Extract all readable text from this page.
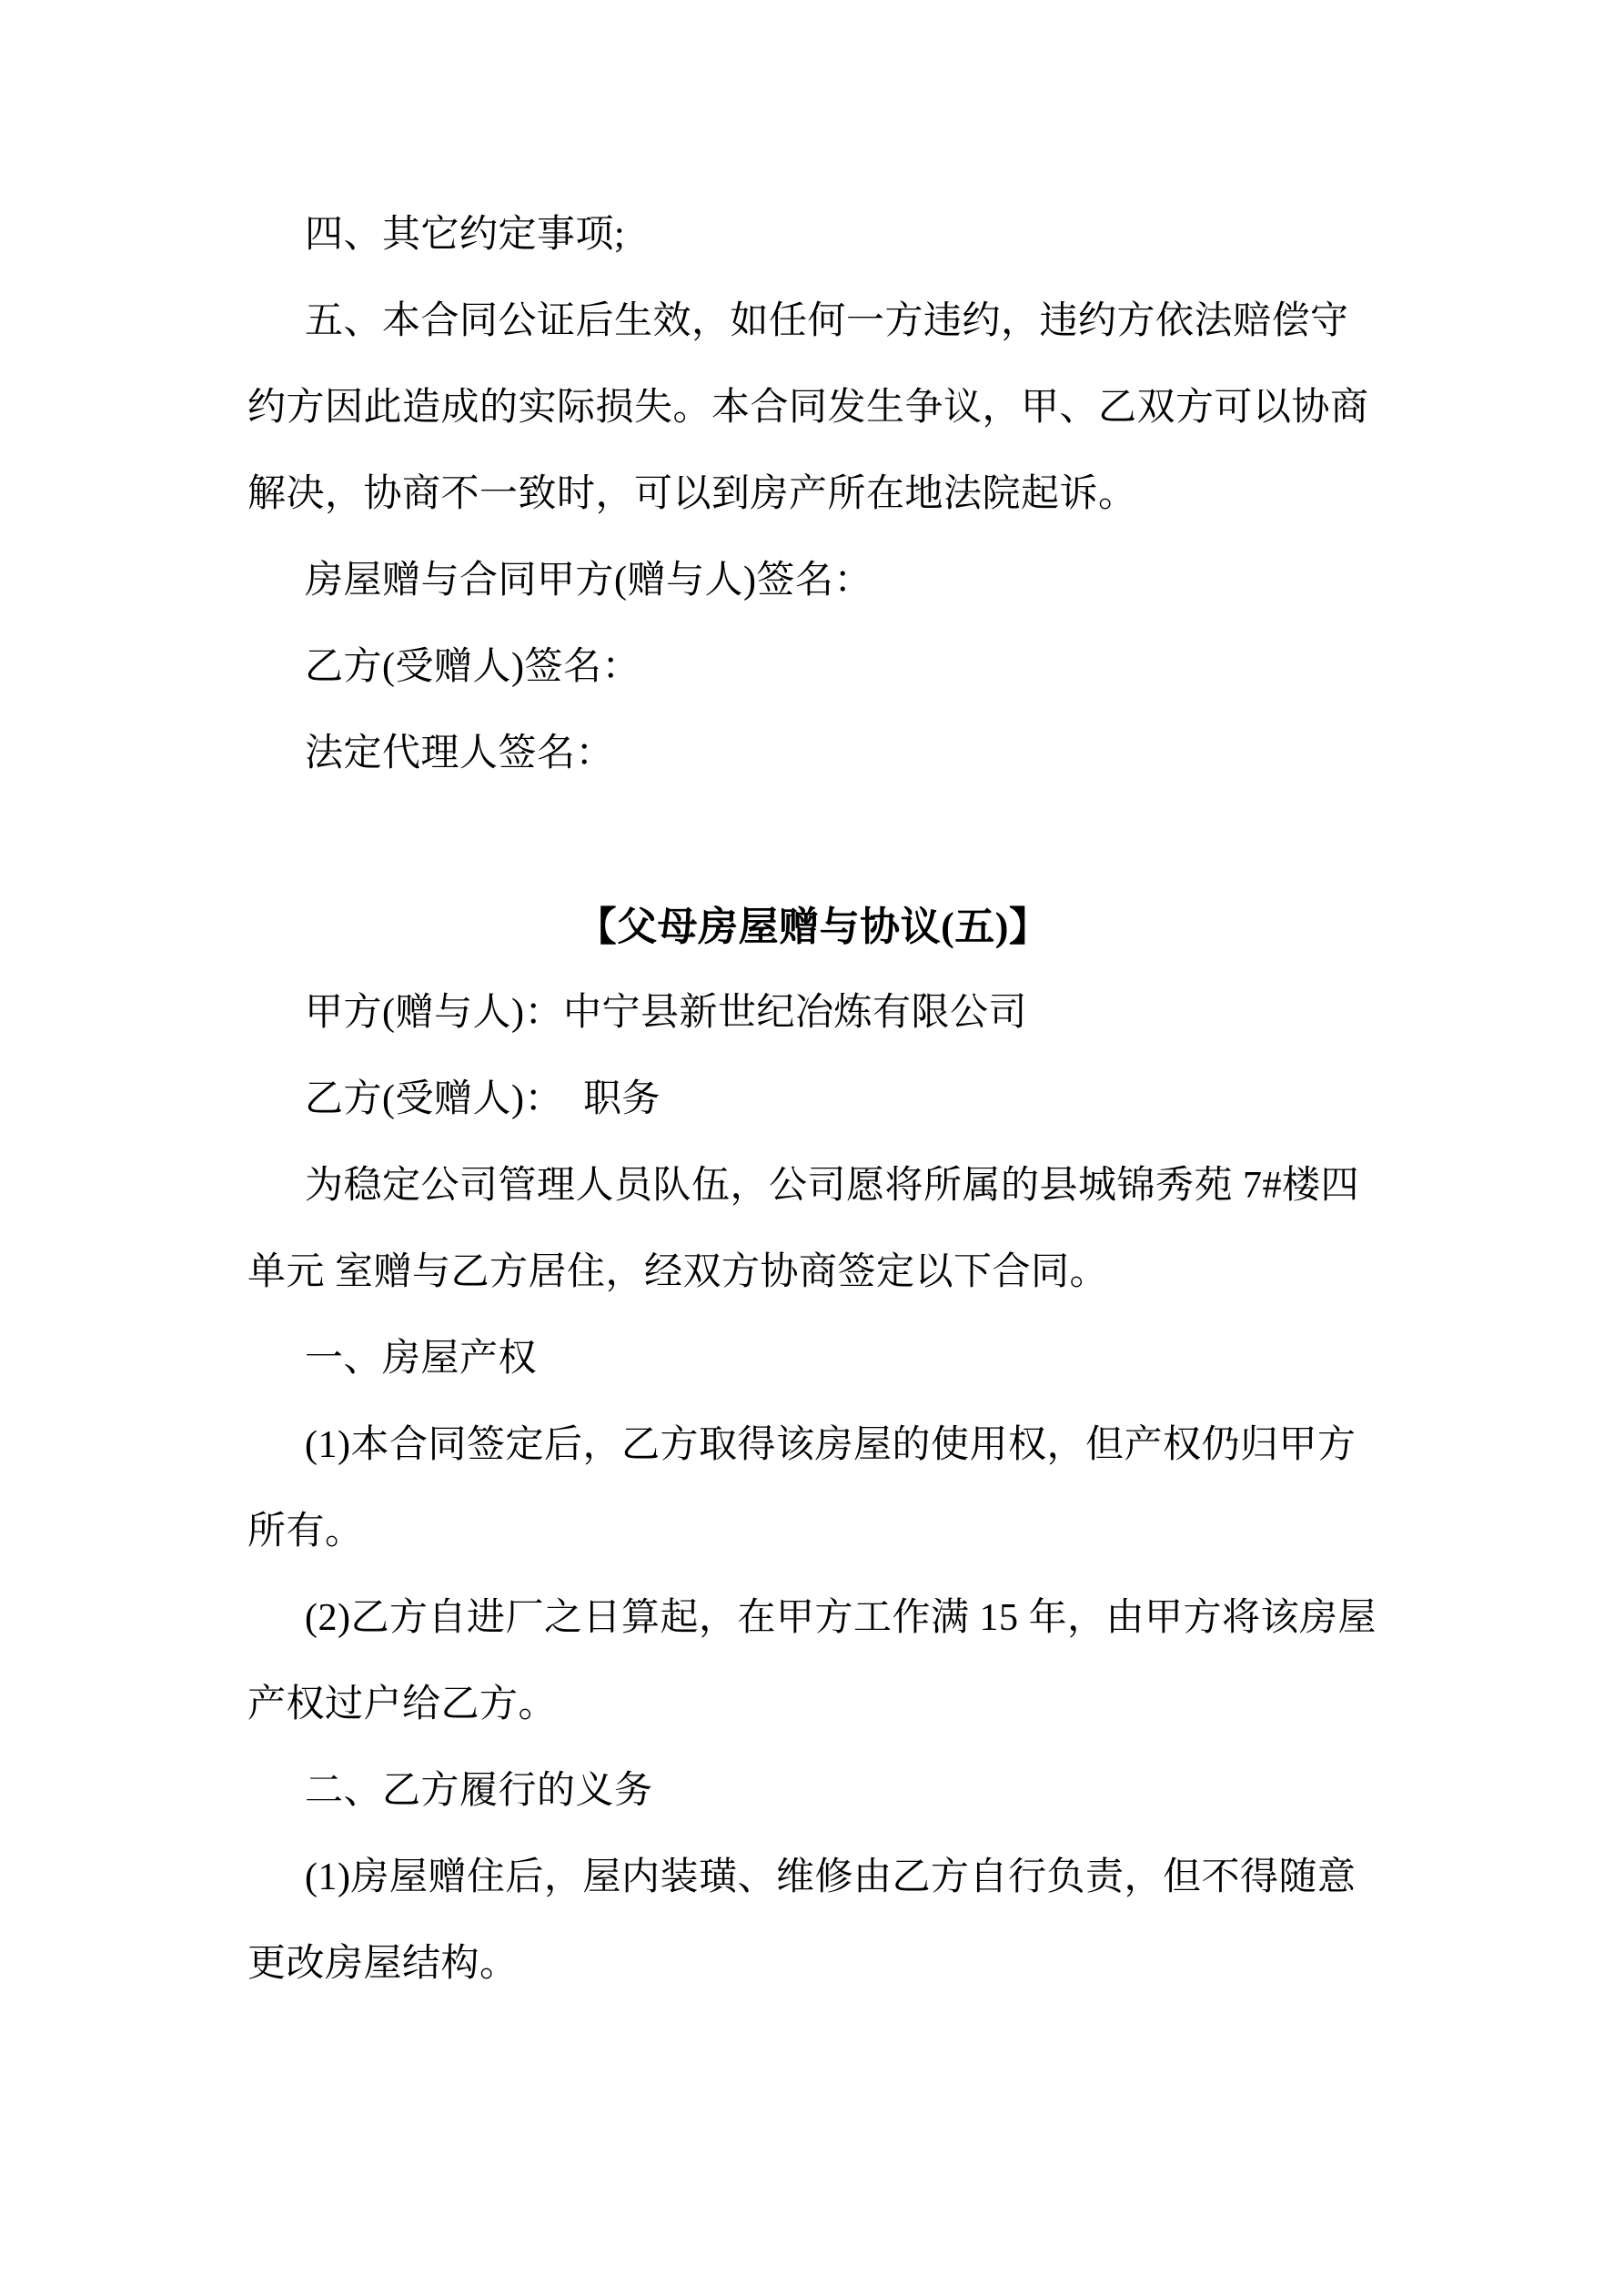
四、其它约定事项;
五、本合同公证后生效，如任何一方违约，违约方依法赔偿守
约方因此造成的实际损失。本合同发生争议，甲、乙双方可以协商
解决，协商不一致时，可以到房产所在地法院起诉。
房屋赠与合同甲方(赠与人)签名：
乙方(受赠人)签名：
法定代理人签名：
【父母房屋赠与协议(五)】
甲方(赠与人)：中宁县新世纪冶炼有限公司
乙方(受赠人)：  职务
为稳定公司管理人员队伍，公司愿将所属的县城锦秀苑 7#楼四
单元 室赠与乙方居住，经双方协商签定以下合同。
一、房屋产权
(1)本合同签定后，乙方取得该房屋的使用权，但产权仍归甲方
所有。
(2)乙方自进厂之日算起，在甲方工作满 15 年，由甲方将该房屋
产权过户给乙方。
二、乙方履行的义务
(1)房屋赠住后，屋内装璜、维修由乙方自行负责，但不得随意
更改房屋结构。
